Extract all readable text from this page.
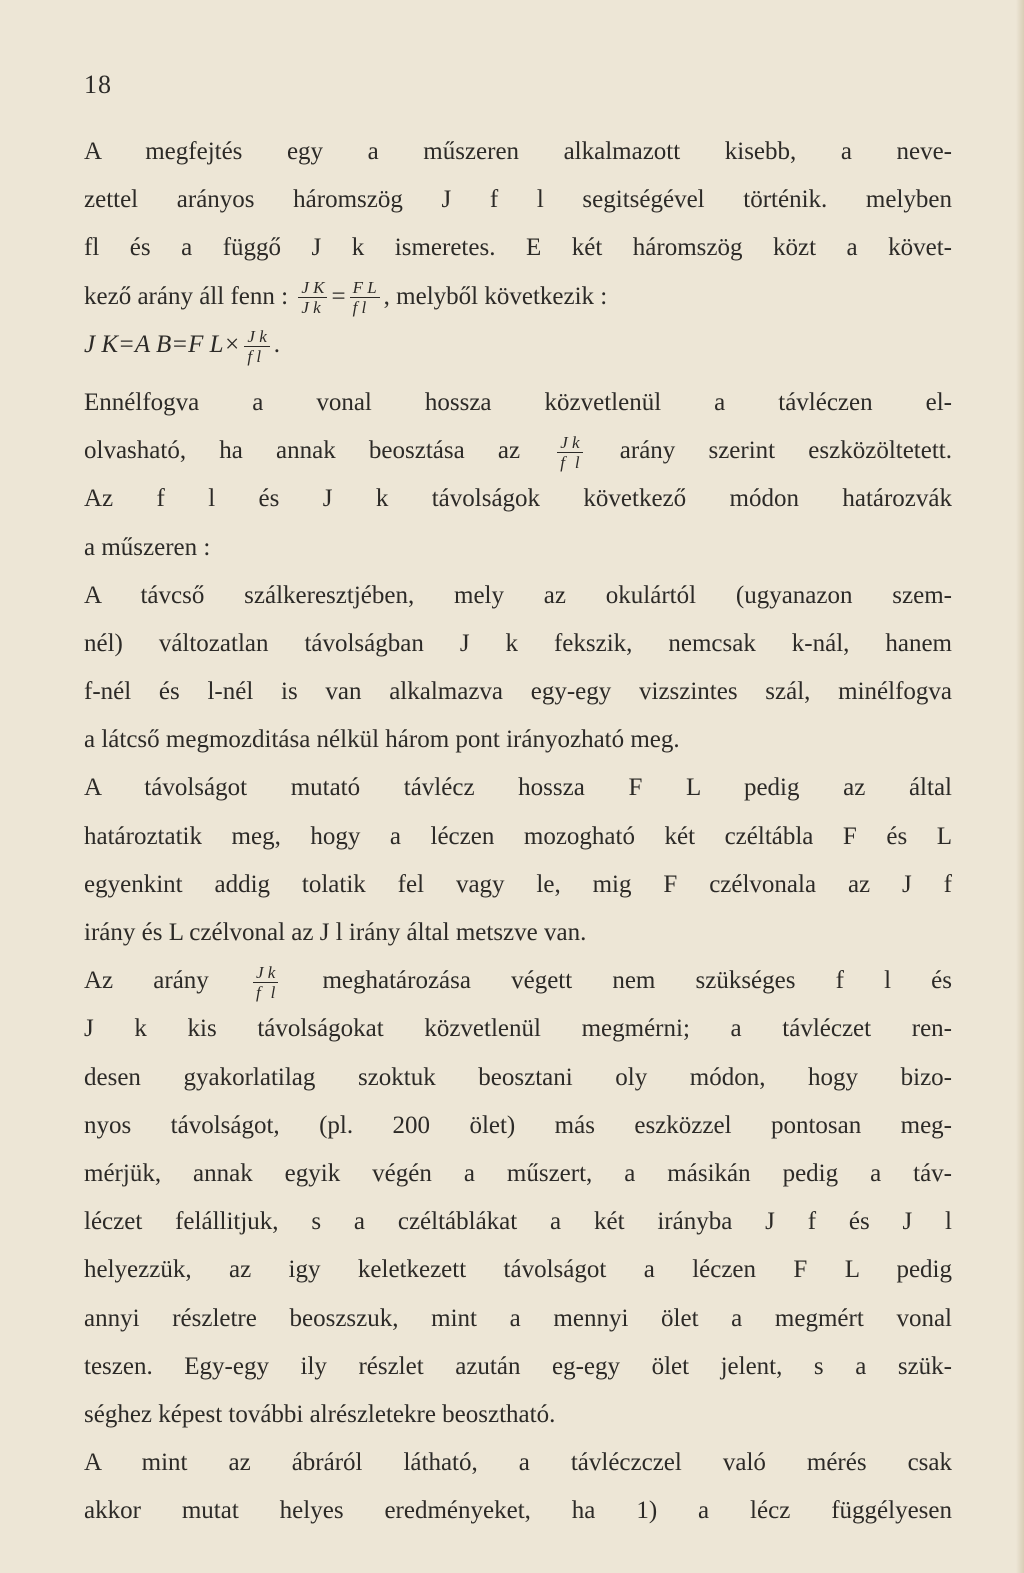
18
A megfejtés egy a műszeren alkalmazott kisebb, a neve-
zettel arányos háromszög J f l segitségével történik. melyben
fl és a függő J k ismeretes. E két háromszög közt a követ-
kező arány áll fenn : $\frac{\text{J K}}{\text{J k}} = \frac{\text{F L}}{\text{f l}}$ , melyből következik :
J K=A B=F $L\times \frac{\text{J k}}{\text{f l}}$ .
Ennélfogva a vonal hossza közvetlenül a távléczen el-
olvasható, ha annak beosztása az $\frac{\text{J k}}{\text{f l}}$ arány szerint eszközöltetett.
Az f l és J k távolságok következő módon határozvák
a műszeren :
A távcső szálkeresztjében, mely az okulártól (ugyanazon szem-
nél) változatlan távolságban J k fekszik, nemcsak k-nál, hanem
f-nél és l-nél is van alkalmazva egy-egy vizszintes szál, minélfogva
a látcső megmozditása nélkül három pont irányozható meg.
A távolságot mutató távlécz hossza F L pedig az által
határoztatik meg, hogy a léczen mozogható két czéltábla F és L
egyenkint addig tolatik fel vagy le, mig F czélvonala az J f
irány és L czélvonal az J l irány által metszve van.
Az arány	$\frac{\text{J k}}{\text{f l}}$ meghatározása végett nem szükséges f l és
J k kis távolságokat közvetlenül megmérni; a távléczet ren-
desen gyakorlatilag szoktuk beosztani oly módon, hogy bizo-
nyos távolságot, (pl. 200 ölet) más eszközzel pontosan meg-
mérjük, annak egyik végén a műszert, a másikán pedig a táv-
léczet felállitjuk, s a czéltáblákat a két irányba J f és J l
helyezzük, az igy keletkezett távolságot a léczen F L pedig
annyi részletre beoszszuk, mint a mennyi ölet a megmért vonal
teszen. Egy-egy ily részlet azután eg-egy ölet jelent, s a szük-
séghez képest további alrészletekre beosztható.
A mint az ábráról látható, a távléczczel való mérés csak
akkor mutat helyes eredményeket, ha 1) a lécz függélyesen
